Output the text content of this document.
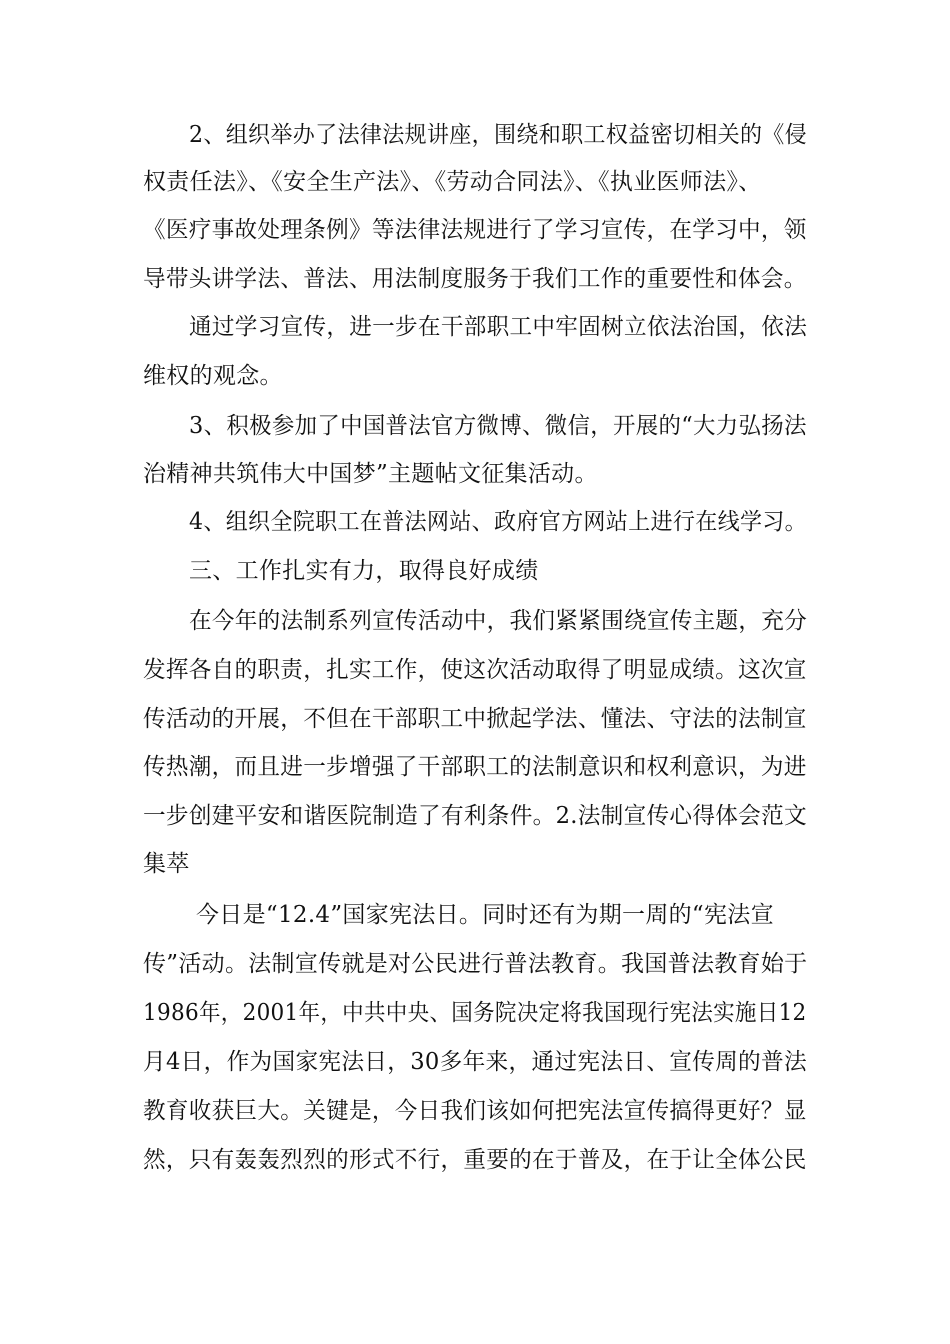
2、组织举办了法律法规讲座，围绕和职工权益密切相关的《侵
权责任法》、《安全生产法》、《劳动合同法》、《执业医师法》、
《医疗事故处理条例》等法律法规进行了学习宣传，在学习中，领
导带头讲学法、普法、用法制度服务于我们工作的重要性和体会。
通过学习宣传，进一步在干部职工中牢固树立依法治国，依法
维权的观念。
3、积极参加了中国普法官方微博、微信，开展的“大力弘扬法
治精神共筑伟大中国梦”主题帖文征集活动。
4、组织全院职工在普法网站、政府官方网站上进行在线学习。
三、工作扎实有力，取得良好成绩
在今年的法制系列宣传活动中，我们紧紧围绕宣传主题，充分
发挥各自的职责，扎实工作，使这次活动取得了明显成绩。这次宣
传活动的开展，不但在干部职工中掀起学法、懂法、守法的法制宣
传热潮，而且进一步增强了干部职工的法制意识和权利意识，为进
一步创建平安和谐医院制造了有利条件。2.法制宣传心得体会范文
集萃
今日是“12.4”国家宪法日。同时还有为期一周的“宪法宣
传”活动。法制宣传就是对公民进行普法教育。我国普法教育始于
1986年，2001年，中共中央、国务院决定将我国现行宪法实施日12
月4日，作为国家宪法日，30多年来，通过宪法日、宣传周的普法
教育收获巨大。关键是，今日我们该如何把宪法宣传搞得更好？显
然，只有轰轰烈烈的形式不行，重要的在于普及，在于让全体公民
